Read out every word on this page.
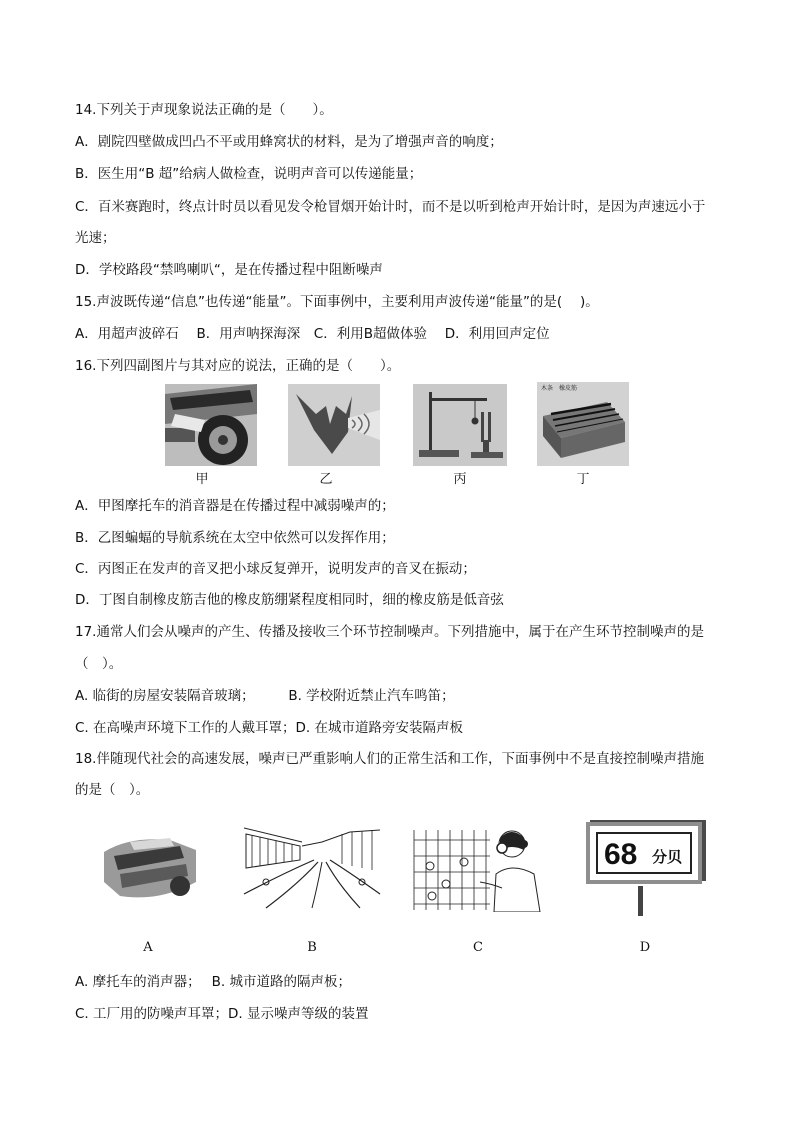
14.下列关于声现象说法正确的是（　　）。
A．剧院四壁做成凹凸不平或用蜂窝状的材料，是为了增强声音的响度；
B．医生用“B 超”给病人做检查，说明声音可以传递能量；
C．百米赛跑时，终点计时员以看见发令枪冒烟开始计时，而不是以听到枪声开始计时，是因为声速远小于
光速；
D．学校路段“禁鸣喇叭“，是在传播过程中阻断噪声
15.声波既传递“信息”也传递“能量”。下面事例中，主要利用声波传递“能量”的是(　 )。
A．用超声波碎石　 B．用声呐探海深　C．利用B超做体验　 D．利用回声定位
16.下列四副图片与其对应的说法，正确的是（　　）。
甲	乙	丙
木条　橡皮筋
丁
A．甲图摩托车的消音器是在传播过程中减弱噪声的；
B．乙图蝙蝠的导航系统在太空中依然可以发挥作用；
C．丙图正在发声的音叉把小球反复弹开，说明发声的音叉在振动；
D．丁图自制橡皮筋吉他的橡皮筋绷紧程度相同时，细的橡皮筋是低音弦
17.通常人们会从噪声的产生、传播及接收三个环节控制噪声。下列措施中，属于在产生环节控制噪声的是
（　）。
A. 临街的房屋安装隔音玻璃；　　　B. 学校附近禁止汽车鸣笛；
C. 在高噪声环境下工作的人戴耳罩；D. 在城市道路旁安装隔声板
18.伴随现代社会的高速发展，噪声已严重影响人们的正常生活和工作，下面事例中不是直接控制噪声措施
的是（　）。
A	B	C
68 分贝
D
A. 摩托车的消声器；　 B. 城市道路的隔声板；
C. 工厂用的防噪声耳罩；D. 显示噪声等级的装置
